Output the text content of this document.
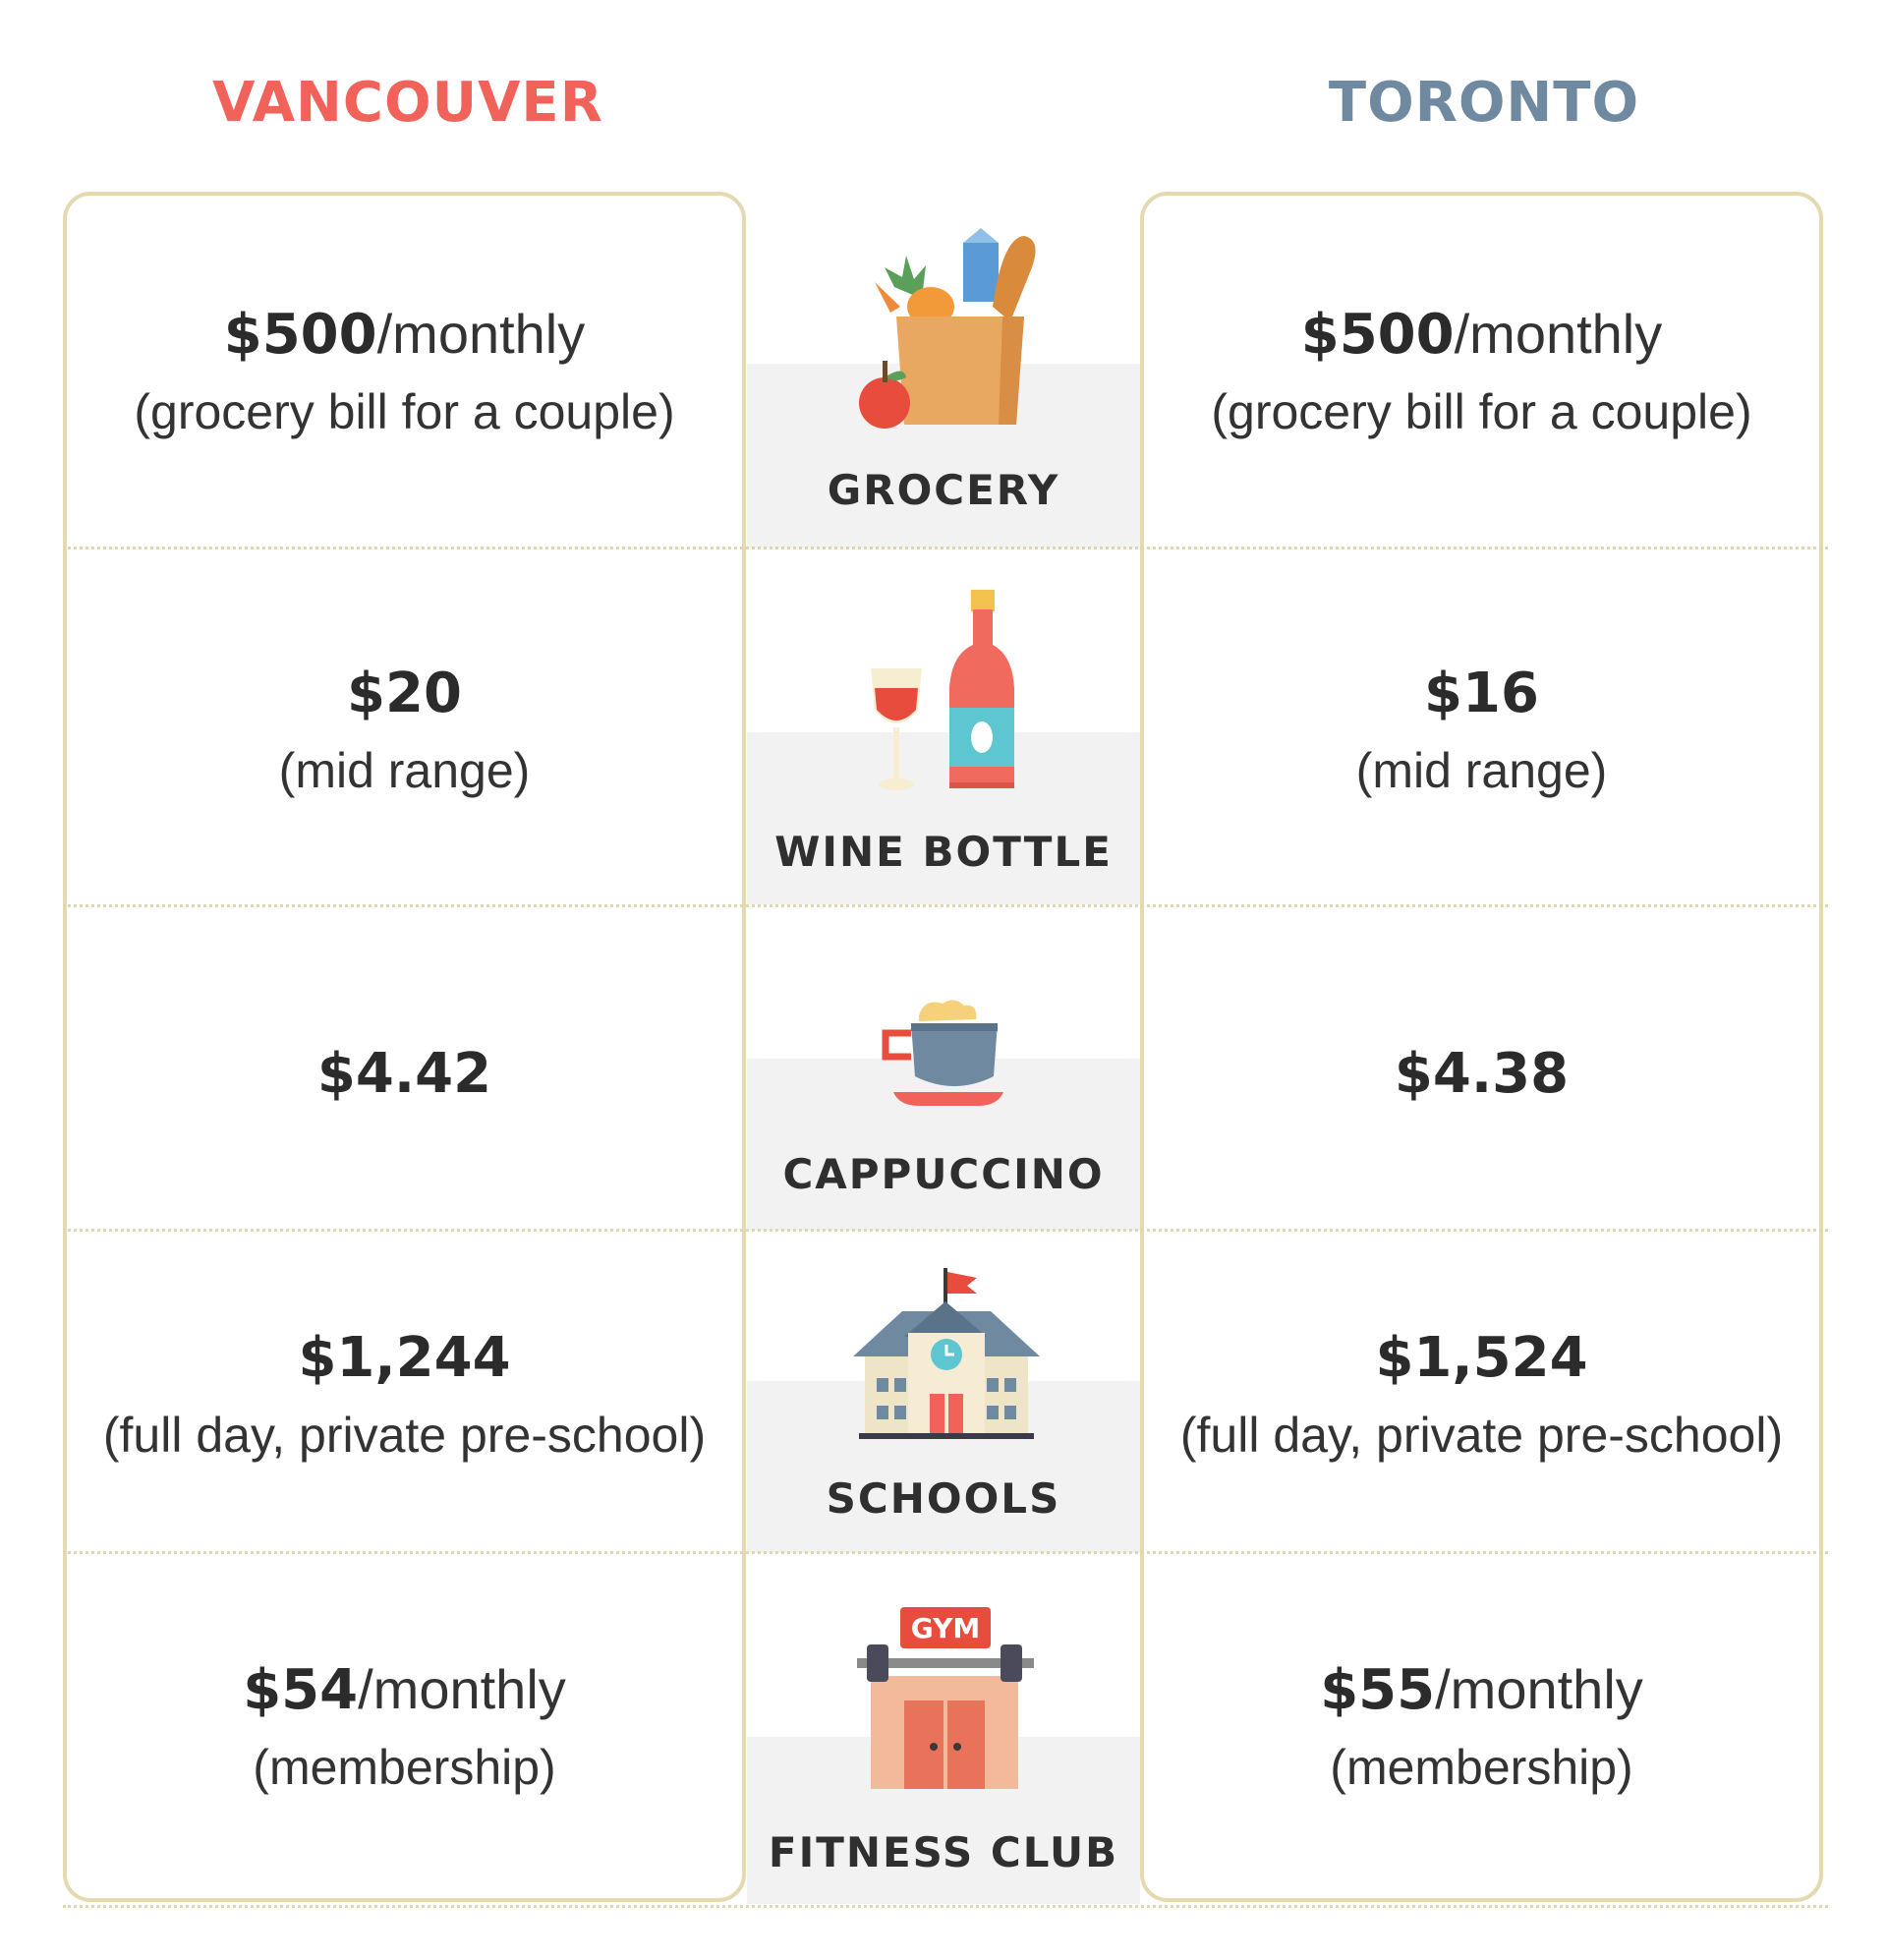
VANCOUVER	TORONTO
$500/monthly
(grocery bill for a couple)
$20
(mid range)
$4.42
$1,244
(full day, private pre-school)
$54/monthly
(membership)
$500/monthly
(grocery bill for a couple)
$16
(mid range)
$4.38
$1,524
(full day, private pre-school)
$55/monthly
(membership)
GROCERY
WINE BOTTLE
CAPPUCCINO
SCHOOLS
GYM
FITNESS CLUB
